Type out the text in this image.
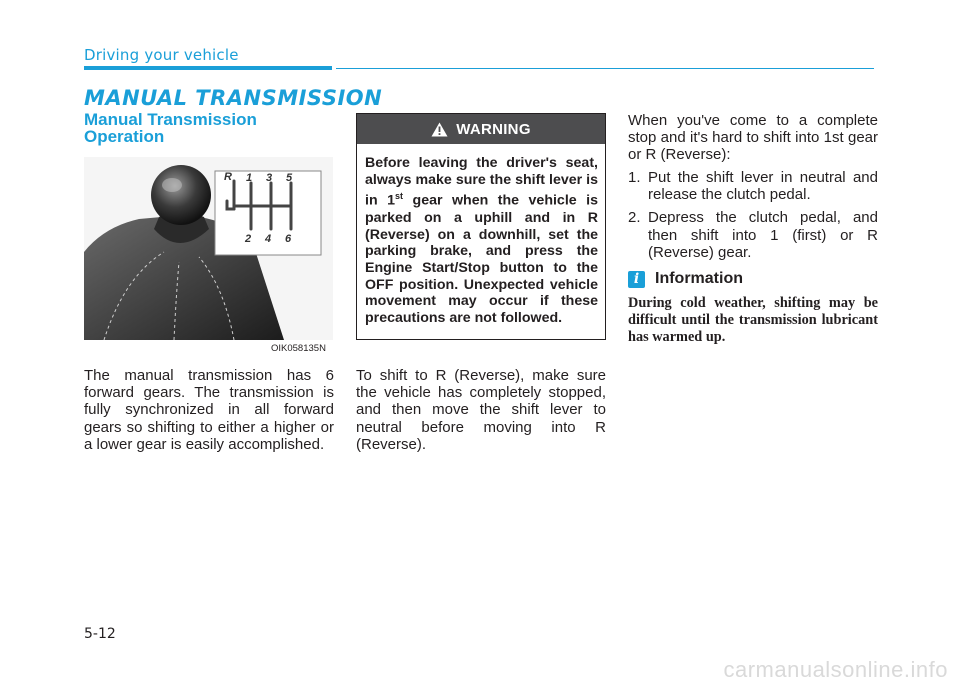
Driving your vehicle
MANUAL TRANSMISSION
Manual Transmission
Operation
R 1 3 5
2 4 6
OIK058135N

The manual transmission has 6 forward gears. The transmission is fully synchronized in all forward gears so shifting to either a higher or a lower gear is easily accomplished.

WARNING
Before leaving the driver's seat, always make sure the shift lever is in 1st gear when the vehicle is parked on a uphill and in R (Reverse) on a downhill, set the parking brake, and press the Engine Start/Stop button to the OFF position. Unexpected vehicle movement may occur if these precautions are not followed.

To shift to R (Reverse), make sure the vehicle has completely stopped, and then move the shift lever to neutral before moving into R (Reverse).

When you've come to a complete stop and it's hard to shift into 1st gear or R (Reverse):

1. Put the shift lever in neutral and release the clutch pedal.
2. Depress the clutch pedal, and then shift into 1 (first) or R (Reverse) gear.
i Information

During cold weather, shifting may be difficult until the transmission lubricant has warmed up.

5-12
carmanualsonline.info
